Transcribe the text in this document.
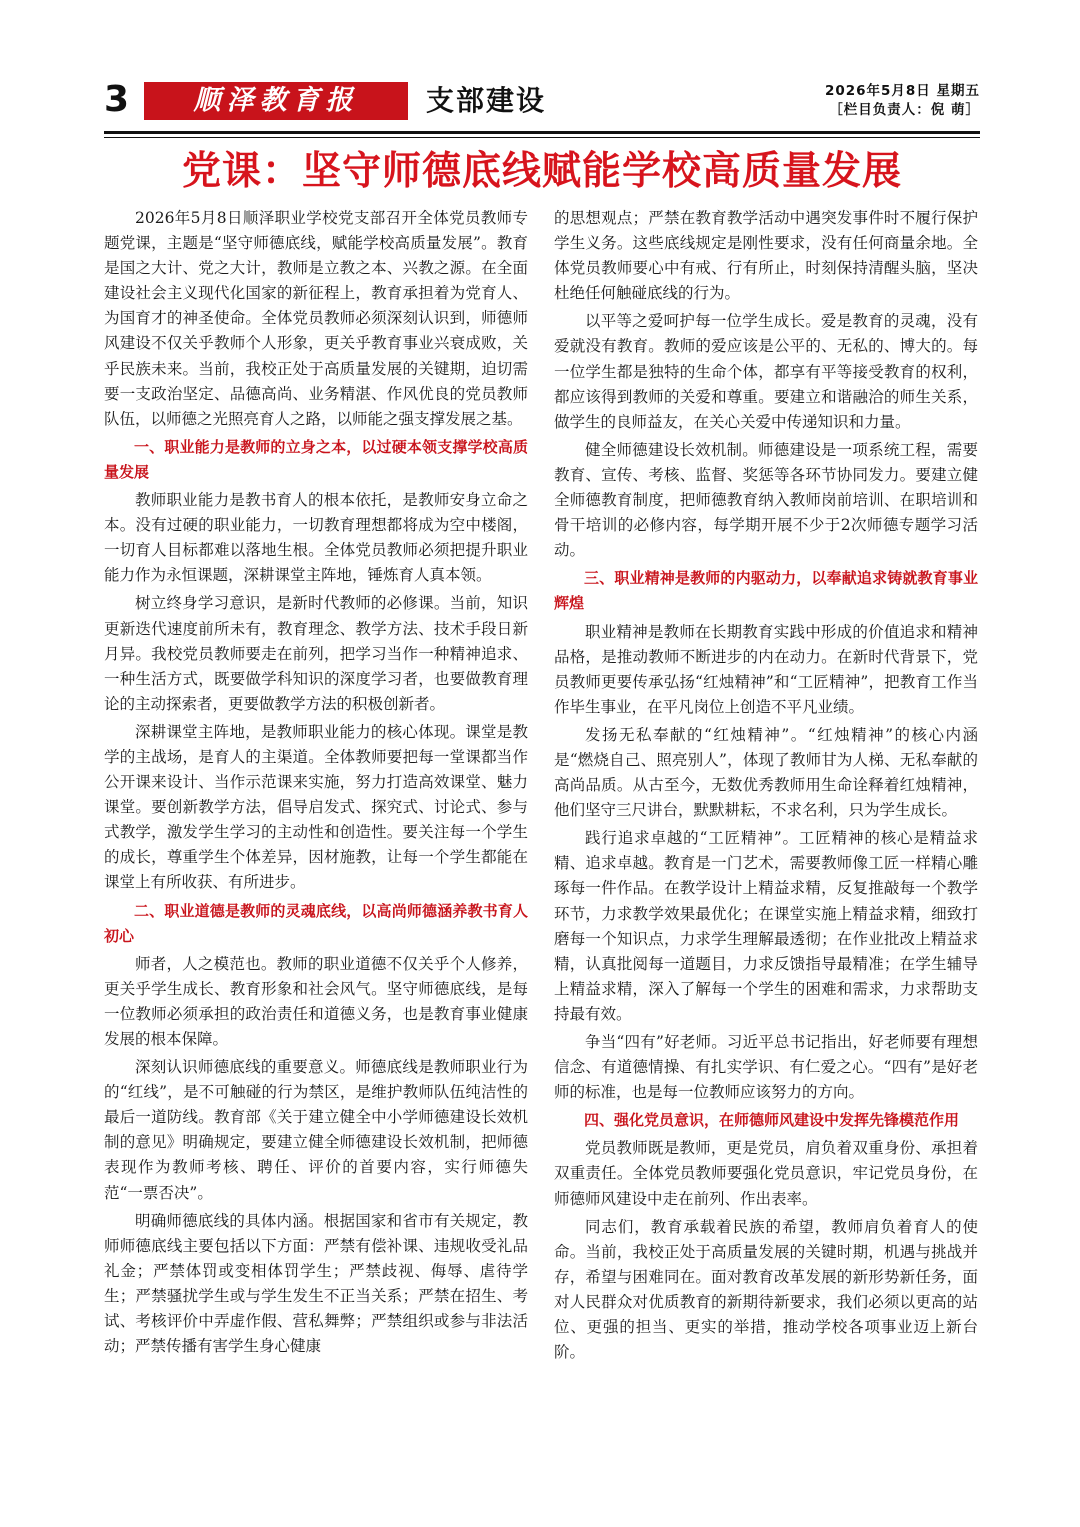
3	顺泽教育报	支部建设	2026年5月8日 星期五
［栏目负责人：倪 萌］
党课：坚守师德底线赋能学校高质量发展

2026年5月8日顺泽职业学校党支部召开全体党员教师专题党课，主题是“坚守师德底线，赋能学校高质量发展”。教育是国之大计、党之大计，教师是立教之本、兴教之源。在全面建设社会主义现代化国家的新征程上，教育承担着为党育人、为国育才的神圣使命。全体党员教师必须深刻认识到，师德师风建设不仅关乎教师个人形象，更关乎教育事业兴衰成败，关乎民族未来。当前，我校正处于高质量发展的关键期，迫切需要一支政治坚定、品德高尚、业务精湛、作风优良的党员教师队伍，以师德之光照亮育人之路，以师能之强支撑发展之基。

一、职业能力是教师的立身之本，以过硬本领支撑学校高质量发展

教师职业能力是教书育人的根本依托，是教师安身立命之本。没有过硬的职业能力，一切教育理想都将成为空中楼阁，一切育人目标都难以落地生根。全体党员教师必须把提升职业能力作为永恒课题，深耕课堂主阵地，锤炼育人真本领。

树立终身学习意识，是新时代教师的必修课。当前，知识更新迭代速度前所未有，教育理念、教学方法、技术手段日新月异。我校党员教师要走在前列，把学习当作一种精神追求、一种生活方式，既要做学科知识的深度学习者，也要做教育理论的主动探索者，更要做教学方法的积极创新者。

深耕课堂主阵地，是教师职业能力的核心体现。课堂是教学的主战场，是育人的主渠道。全体教师要把每一堂课都当作公开课来设计、当作示范课来实施，努力打造高效课堂、魅力课堂。要创新教学方法，倡导启发式、探究式、讨论式、参与式教学，激发学生学习的主动性和创造性。要关注每一个学生的成长，尊重学生个体差异，因材施教，让每一个学生都能在课堂上有所收获、有所进步。

二、职业道德是教师的灵魂底线，以高尚师德涵养教书育人初心

师者，人之模范也。教师的职业道德不仅关乎个人修养，更关乎学生成长、教育形象和社会风气。坚守师德底线，是每一位教师必须承担的政治责任和道德义务，也是教育事业健康发展的根本保障。

深刻认识师德底线的重要意义。师德底线是教师职业行为的“红线”，是不可触碰的行为禁区，是维护教师队伍纯洁性的最后一道防线。教育部《关于建立健全中小学师德建设长效机制的意见》明确规定，要建立健全师德建设长效机制，把师德表现作为教师考核、聘任、评价的首要内容，实行师德失范“一票否决”。

明确师德底线的具体内涵。根据国家和省市有关规定，教师师德底线主要包括以下方面：严禁有偿补课、违规收受礼品礼金；严禁体罚或变相体罚学生；严禁歧视、侮辱、虐待学生；严禁骚扰学生或与学生发生不正当关系；严禁在招生、考试、考核评价中弄虚作假、营私舞弊；严禁组织或参与非法活动；严禁传播有害学生身心健康

的思想观点；严禁在教育教学活动中遇突发事件时不履行保护学生义务。这些底线规定是刚性要求，没有任何商量余地。全体党员教师要心中有戒、行有所止，时刻保持清醒头脑，坚决杜绝任何触碰底线的行为。

以平等之爱呵护每一位学生成长。爱是教育的灵魂，没有爱就没有教育。教师的爱应该是公平的、无私的、博大的。每一位学生都是独特的生命个体，都享有平等接受教育的权利，都应该得到教师的关爱和尊重。要建立和谐融洽的师生关系，做学生的良师益友，在关心关爱中传递知识和力量。

健全师德建设长效机制。师德建设是一项系统工程，需要教育、宣传、考核、监督、奖惩等各环节协同发力。要建立健全师德教育制度，把师德教育纳入教师岗前培训、在职培训和骨干培训的必修内容，每学期开展不少于2次师德专题学习活动。

三、职业精神是教师的内驱动力，以奉献追求铸就教育事业辉煌

职业精神是教师在长期教育实践中形成的价值追求和精神品格，是推动教师不断进步的内在动力。在新时代背景下，党员教师更要传承弘扬“红烛精神”和“工匠精神”，把教育工作当作毕生事业，在平凡岗位上创造不平凡业绩。

发扬无私奉献的“红烛精神”。“红烛精神”的核心内涵是“燃烧自己、照亮别人”，体现了教师甘为人梯、无私奉献的高尚品质。从古至今，无数优秀教师用生命诠释着红烛精神，他们坚守三尺讲台，默默耕耘，不求名利，只为学生成长。

践行追求卓越的“工匠精神”。工匠精神的核心是精益求精、追求卓越。教育是一门艺术，需要教师像工匠一样精心雕琢每一件作品。在教学设计上精益求精，反复推敲每一个教学环节，力求教学效果最优化；在课堂实施上精益求精，细致打磨每一个知识点，力求学生理解最透彻；在作业批改上精益求精，认真批阅每一道题目，力求反馈指导最精准；在学生辅导上精益求精，深入了解每一个学生的困难和需求，力求帮助支持最有效。

争当“四有”好老师。习近平总书记指出，好老师要有理想信念、有道德情操、有扎实学识、有仁爱之心。“四有”是好老师的标准，也是每一位教师应该努力的方向。

四、强化党员意识，在师德师风建设中发挥先锋模范作用

党员教师既是教师，更是党员，肩负着双重身份、承担着双重责任。全体党员教师要强化党员意识，牢记党员身份，在师德师风建设中走在前列、作出表率。

同志们，教育承载着民族的希望，教师肩负着育人的使命。当前，我校正处于高质量发展的关键时期，机遇与挑战并存，希望与困难同在。面对教育改革发展的新形势新任务，面对人民群众对优质教育的新期待新要求，我们必须以更高的站位、更强的担当、更实的举措，推动学校各项事业迈上新台阶。
